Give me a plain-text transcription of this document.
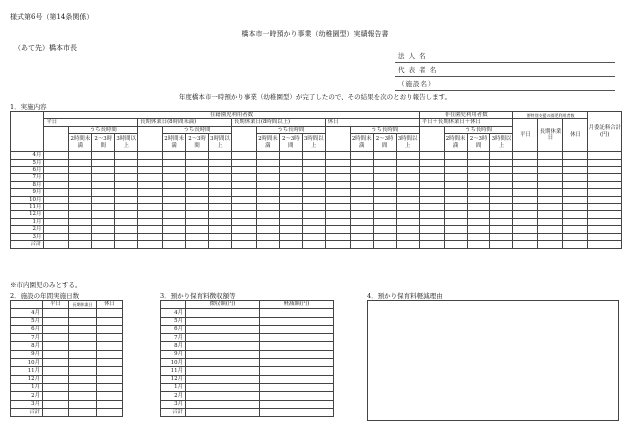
様式第6号（第14条関係）
橋本市一時預かり事業（幼稚園型）実績報告書
（あて先）橋本市長
法 人 名
代 表 者 名
（施設名）
年度橋本市一時預かり事業（幼稚園型）が完了したので、その結果を次のとおり報告します。
1．実施内容
	在籍園児利用者数																非在園児利用者数				要特別支援の園児利用者数			月委託料合計(円)
	平日				長期休業日(8時間未満)				長期休業日(8時間以上)				休日				平日＋長期休業日＋休日				平日	長期休業日	休日	
		うち長時間				うち長時間				うち長時間				うち長時間				うち長時間						
		2時間未満	2～3時間	3時間以上		2時間未満	2～3時間	3時間以上		2時間未満	2～3時間	3時間以上		2時間未満	2～3時間	3時間以上		2時間未満	2～3時間	3時間以上				
4月																								
5月																								
6月																								
7月																								
8月																								
9月																								
10月																								
11月																								
12月																								
1月																								
2月																								
3月																								
合計																								
※市内園児のみとする。
2．施設の年間実施日数
	平日	長期休業日	休日
4月			
5月			
6月			
7月			
8月			
9月			
10月			
11月			
12月			
1月			
2月			
3月			
合計			
3．預かり保育料徴収額等
	徴収額(円)	軽減額(円)
4月		
5月		
6月		
7月		
8月		
9月		
10月		
11月		
12月		
1月		
2月		
3月		
合計		
4．預かり保育料軽減理由
